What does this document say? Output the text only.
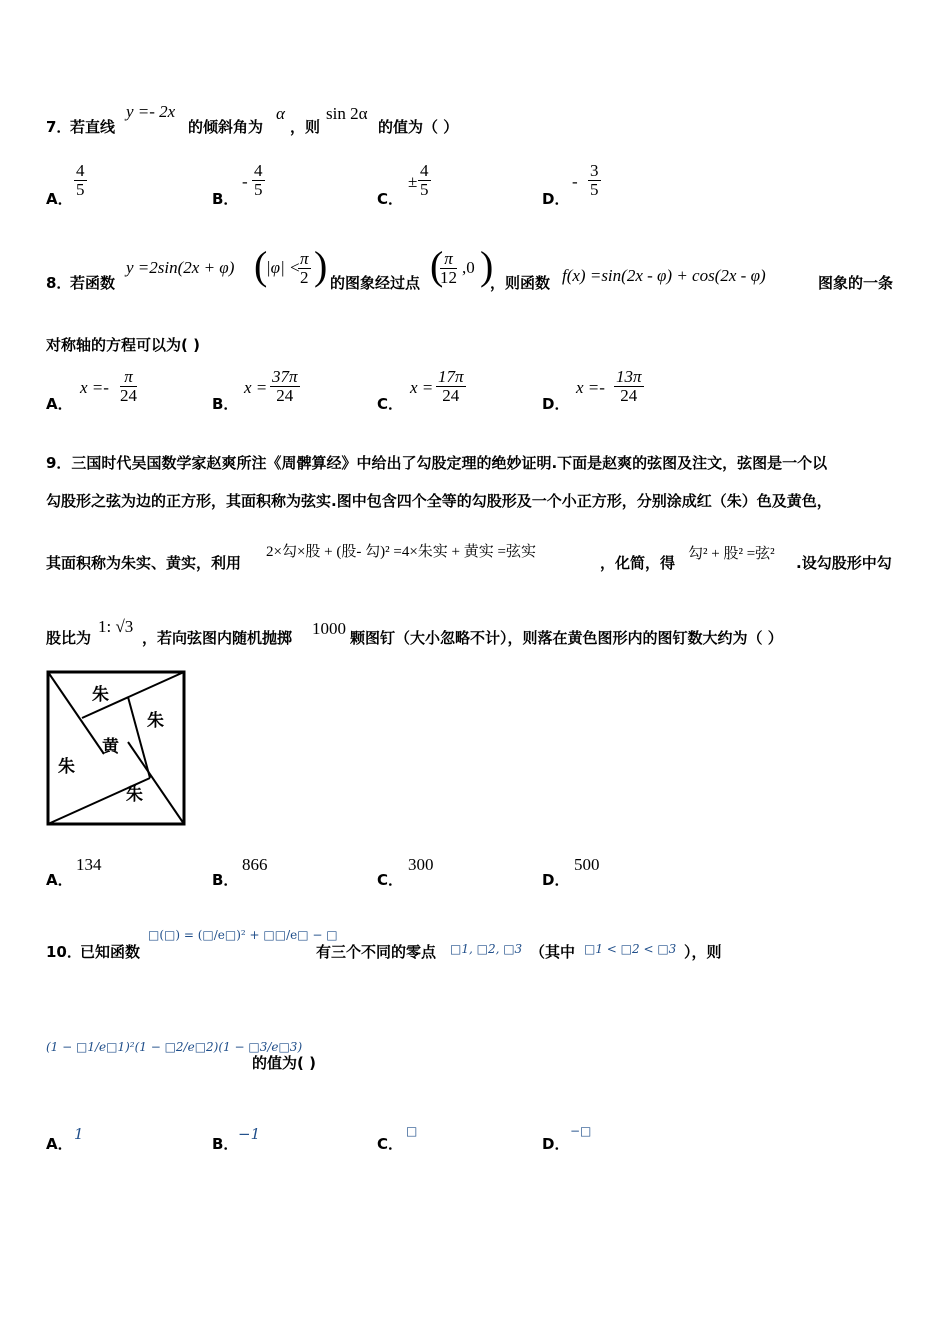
7．
若直线
y =- 2x
的倾斜角为
α
，则
sin 2α
的值为（ ）
A．
4
5	B．
-
4
5	C．
±
4
5	D．
-
3
5
8．
若函数
y =2sin(2x + φ) (
|φ| < π
2 ) 的图象经过点 ( π
12
,0 )
，则函数 f(x) =sin(2x - φ) + cos(2x - φ)	图象的一条
对称轴的方程可以为( )
A．
x =-
π
24	B．
x =
37π
24	C．
x =
17π
24	D．
x =-
13π
24
9．三国时代吴国数学家赵爽所注《周髀算经》中给出了勾股定理的绝妙证明.下面是赵爽的弦图及注文，弦图是一个以
勾股形之弦为边的正方形，其面积称为弦实.图中包含四个全等的勾股形及一个小正方形，分别涂成红（朱）色及黄色，
其面积称为朱实、黄实，利用
2×勾×股 + (股- 勾)² =4×朱实 + 黄实 =弦实
，化简，得 勾² + 股² =弦² .设勾股形中勾
股比为
1: √3
，若向弦图内随机抛掷 1000 颗图钉（大小忽略不计），则落在黄色图形内的图钉数大约为（ ）
朱
朱
黄
朱
朱
A．
134
B．
866
C．
300
D．
500
10．
已知函数
□(□) = (□/e□)² + □□/e□ − □
有三个不同的零点 □1, □2, □3 （其中 □1 < □2 < □3 ），则
(1 − □1/e□1)²(1 − □2/e□2)(1 − □3/e□3)
的值为( )
A．
1
B．
−1
C．
□
D．
−□
